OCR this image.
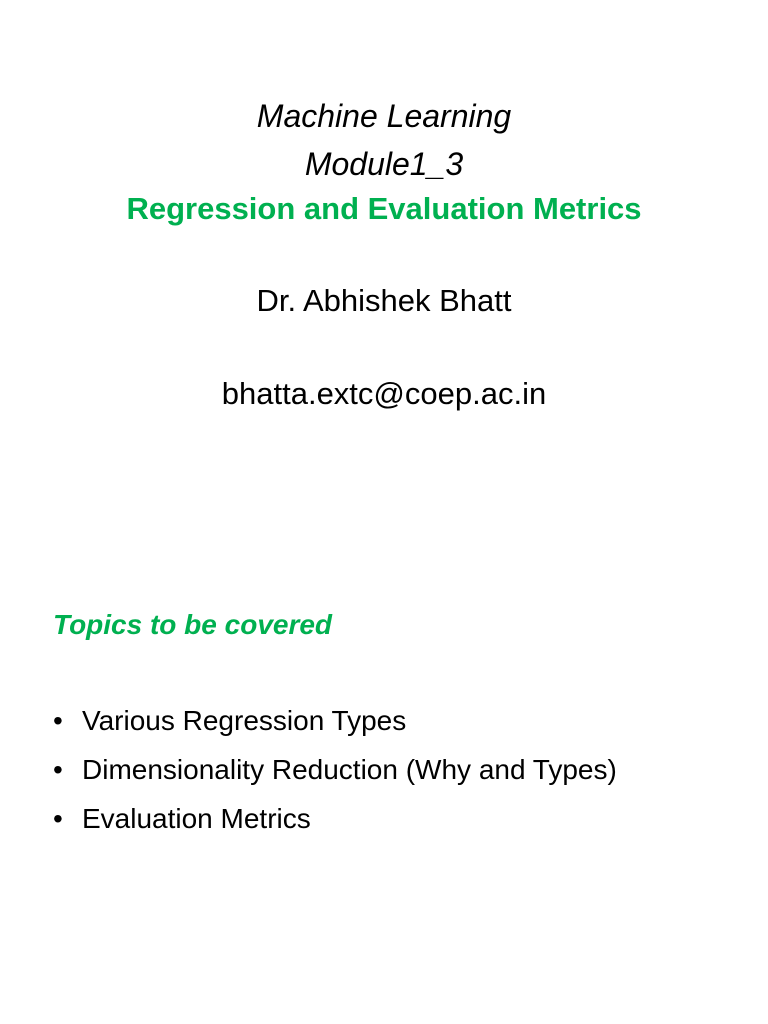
Machine Learning
Module1_3
Regression and Evaluation Metrics
Dr. Abhishek Bhatt
bhatta.extc@coep.ac.in
Topics to be covered
• Various Regression Types
• Dimensionality Reduction (Why and Types)
• Evaluation Metrics
